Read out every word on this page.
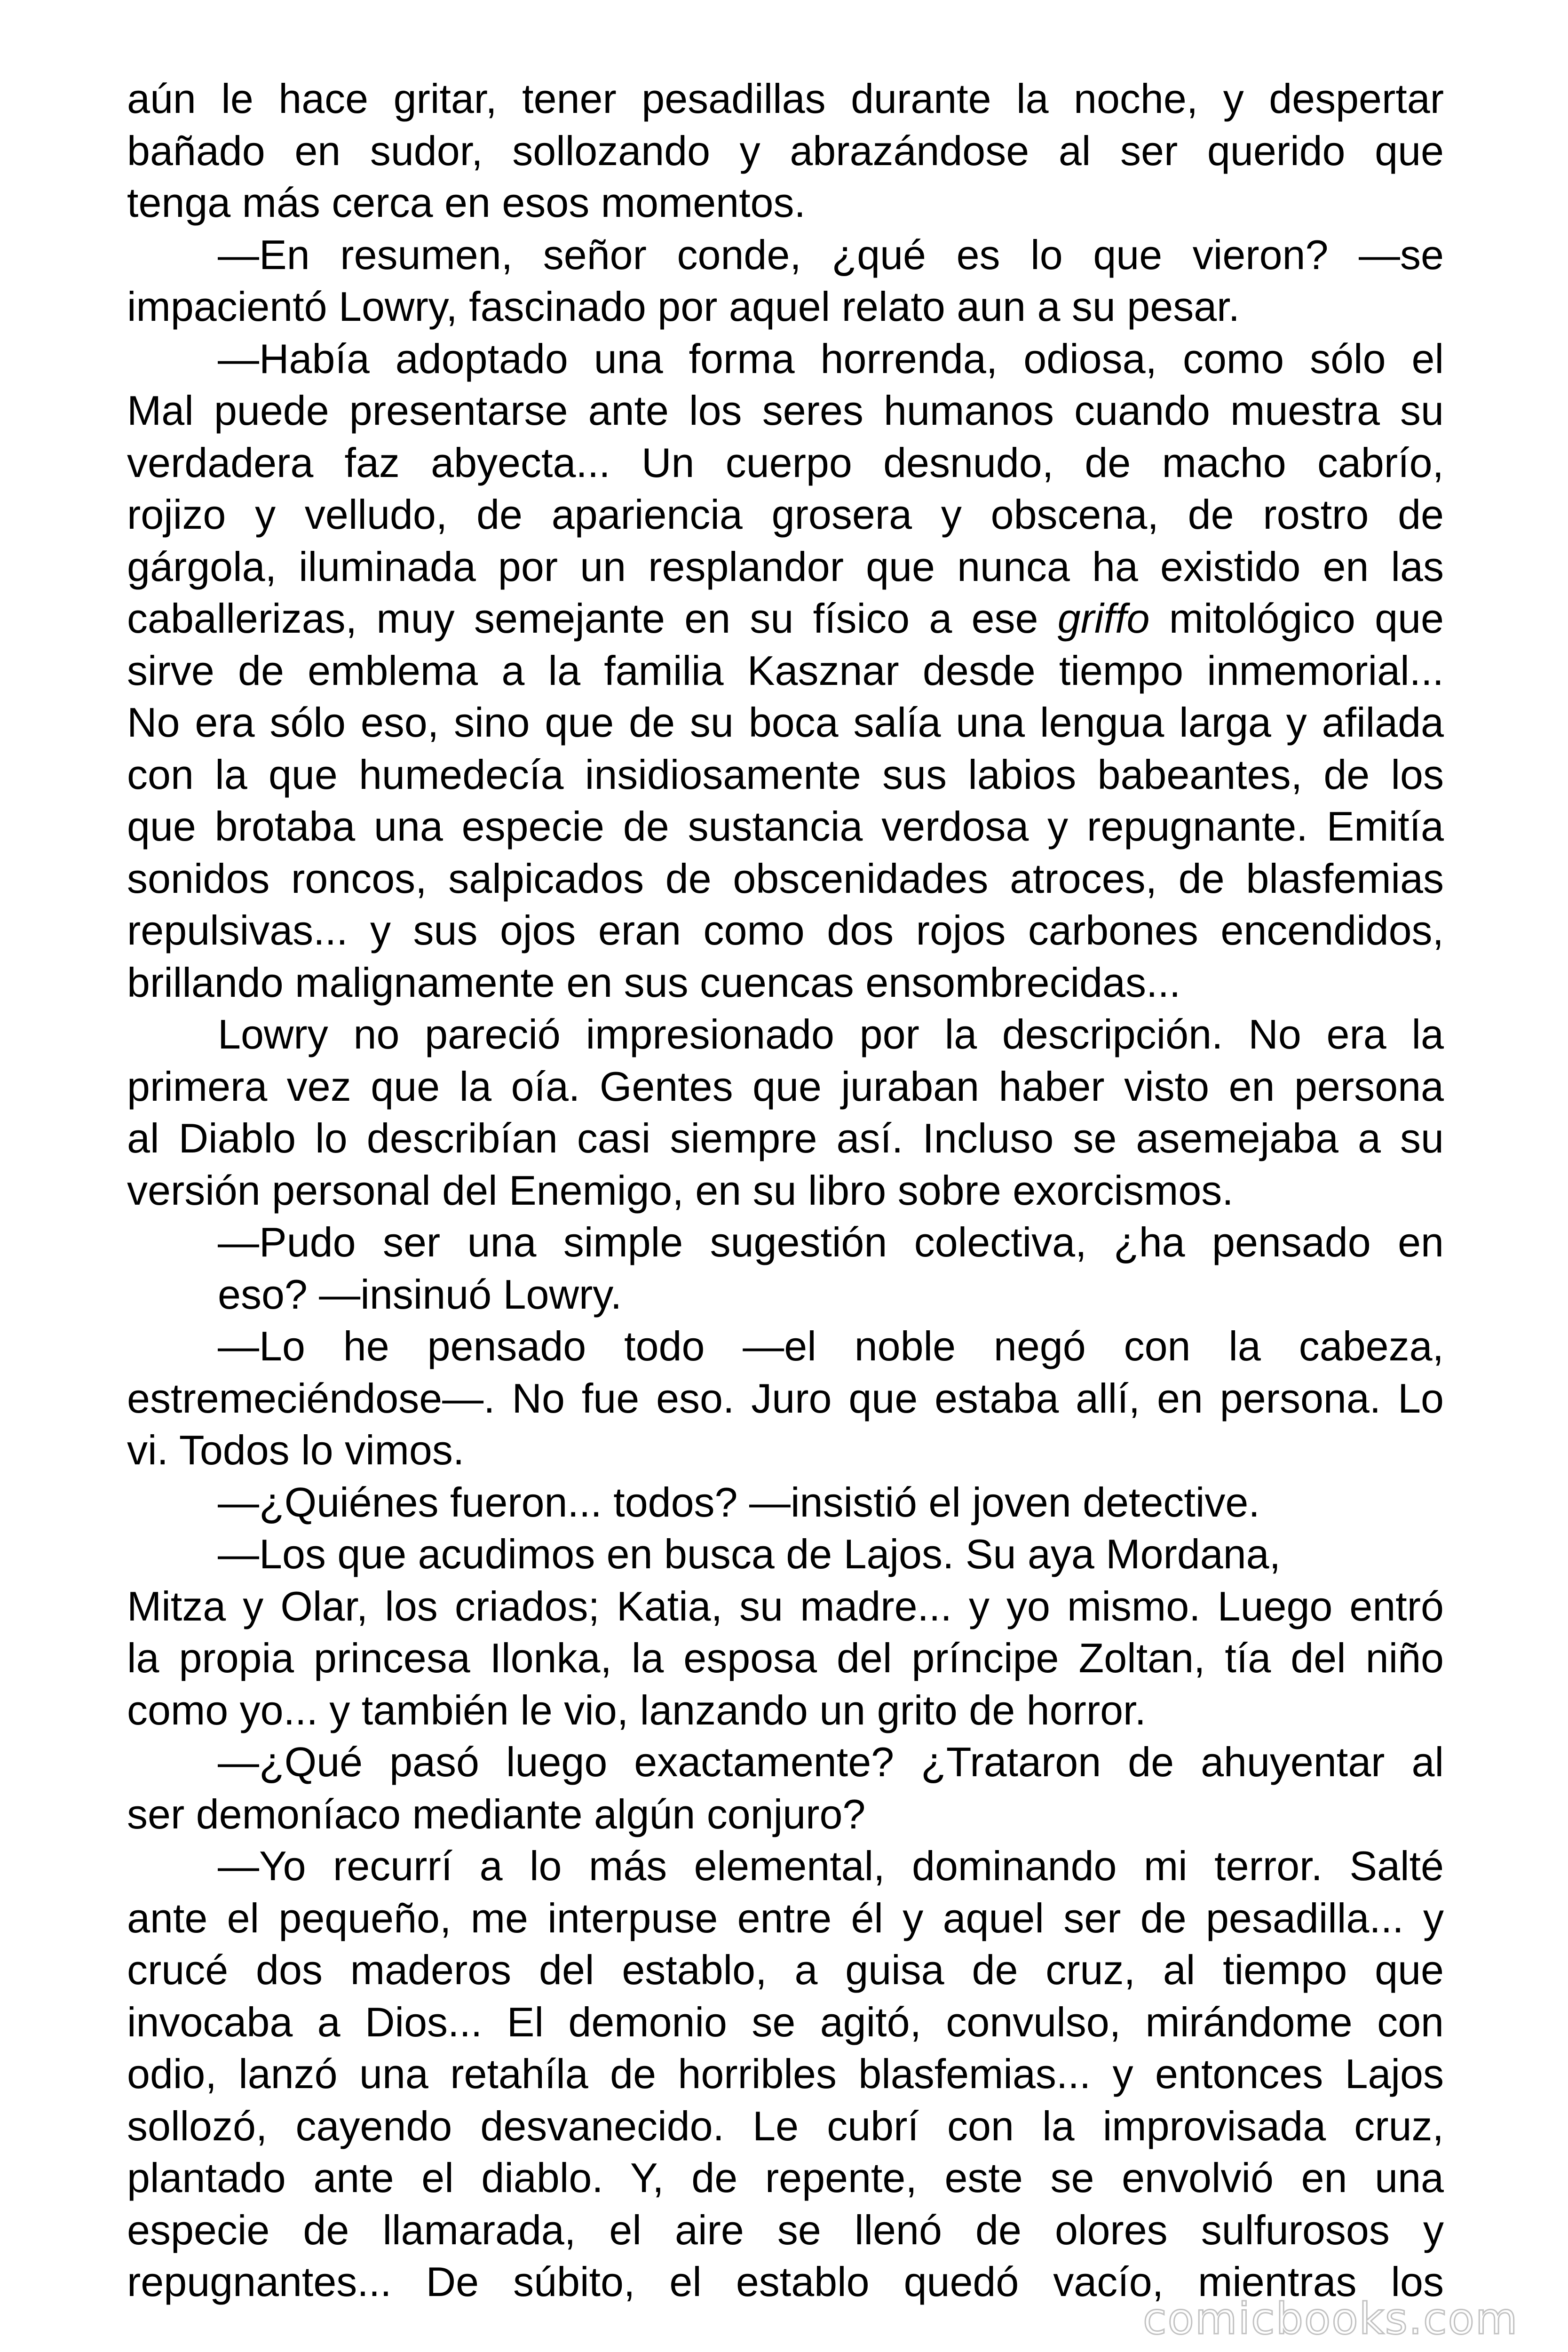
aún le hace gritar, tener pesadillas durante la noche, y despertar
bañado en sudor, sollozando y abrazándose al ser querido que
tenga más cerca en esos momentos.
—En resumen, señor conde, ¿qué es lo que vieron? —se
impacientó Lowry, fascinado por aquel relato aun a su pesar.
—Había adoptado una forma horrenda, odiosa, como sólo el
Mal puede presentarse ante los seres humanos cuando muestra su
verdadera faz abyecta... Un cuerpo desnudo, de macho cabrío,
rojizo y velludo, de apariencia grosera y obscena, de rostro de
gárgola, iluminada por un resplandor que nunca ha existido en las
caballerizas, muy semejante en su físico a ese griffo mitológico que
sirve de emblema a la familia Kasznar desde tiempo inmemorial...
No era sólo eso, sino que de su boca salía una lengua larga y afilada
con la que humedecía insidiosamente sus labios babeantes, de los
que brotaba una especie de sustancia verdosa y repugnante. Emitía
sonidos roncos, salpicados de obscenidades atroces, de blasfemias
repulsivas... y sus ojos eran como dos rojos carbones encendidos,
brillando malignamente en sus cuencas ensombrecidas...
Lowry no pareció impresionado por la descripción. No era la
primera vez que la oía. Gentes que juraban haber visto en persona
al Diablo lo describían casi siempre así. Incluso se asemejaba a su
versión personal del Enemigo, en su libro sobre exorcismos.
—Pudo ser una simple sugestión colectiva, ¿ha pensado en
eso? —insinuó Lowry.
—Lo he pensado todo —el noble negó con la cabeza,
estremeciéndose—. No fue eso. Juro que estaba allí, en persona. Lo
vi. Todos lo vimos.
—¿Quiénes fueron... todos? —insistió el joven detective.
—Los que acudimos en busca de Lajos. Su aya Mordana,
Mitza y Olar, los criados; Katia, su madre... y yo mismo. Luego entró
la propia princesa Ilonka, la esposa del príncipe Zoltan, tía del niño
como yo... y también le vio, lanzando un grito de horror.
—¿Qué pasó luego exactamente? ¿Trataron de ahuyentar al
ser demoníaco mediante algún conjuro?
—Yo recurrí a lo más elemental, dominando mi terror. Salté
ante el pequeño, me interpuse entre él y aquel ser de pesadilla... y
crucé dos maderos del establo, a guisa de cruz, al tiempo que
invocaba a Dios... El demonio se agitó, convulso, mirándome con
odio, lanzó una retahíla de horribles blasfemias... y entonces Lajos
sollozó, cayendo desvanecido. Le cubrí con la improvisada cruz,
plantado ante el diablo. Y, de repente, este se envolvió en una
especie de llamarada, el aire se llenó de olores sulfurosos y
repugnantes... De súbito, el establo quedó vacío, mientras los
comicbooks.com
